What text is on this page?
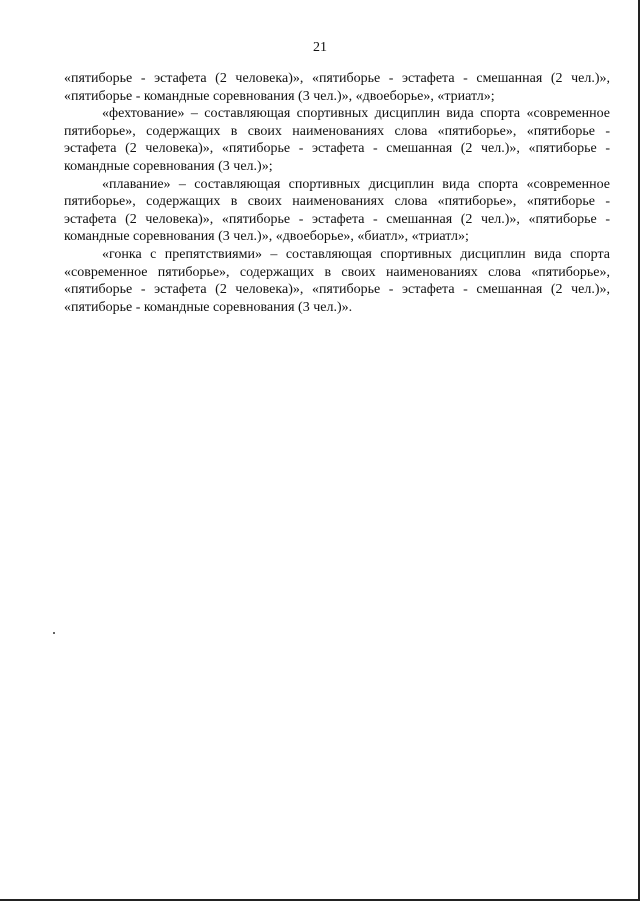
21

«пятиборье - эстафета (2 человека)», «пятиборье - эстафета - смешанная (2 чел.)», «пятиборье - командные соревнования (3 чел.)», «двоеборье», «триатл»;

«фехтование» – составляющая спортивных дисциплин вида спорта «современное пятиборье», содержащих в своих наименованиях слова «пятиборье», «пятиборье - эстафета (2 человека)», «пятиборье - эстафета - смешанная (2 чел.)», «пятиборье - командные соревнования (3 чел.)»;

«плавание» – составляющая спортивных дисциплин вида спорта «современное пятиборье», содержащих в своих наименованиях слова «пятиборье», «пятиборье - эстафета (2 человека)», «пятиборье - эстафета - смешанная (2 чел.)», «пятиборье - командные соревнования (3 чел.)», «двоеборье», «биатл», «триатл»;

«гонка с препятствиями» – составляющая спортивных дисциплин вида спорта «современное пятиборье», содержащих в своих наименованиях слова «пятиборье», «пятиборье - эстафета (2 человека)», «пятиборье - эстафета - смешанная (2 чел.)», «пятиборье - командные соревнования (3 чел.)».
